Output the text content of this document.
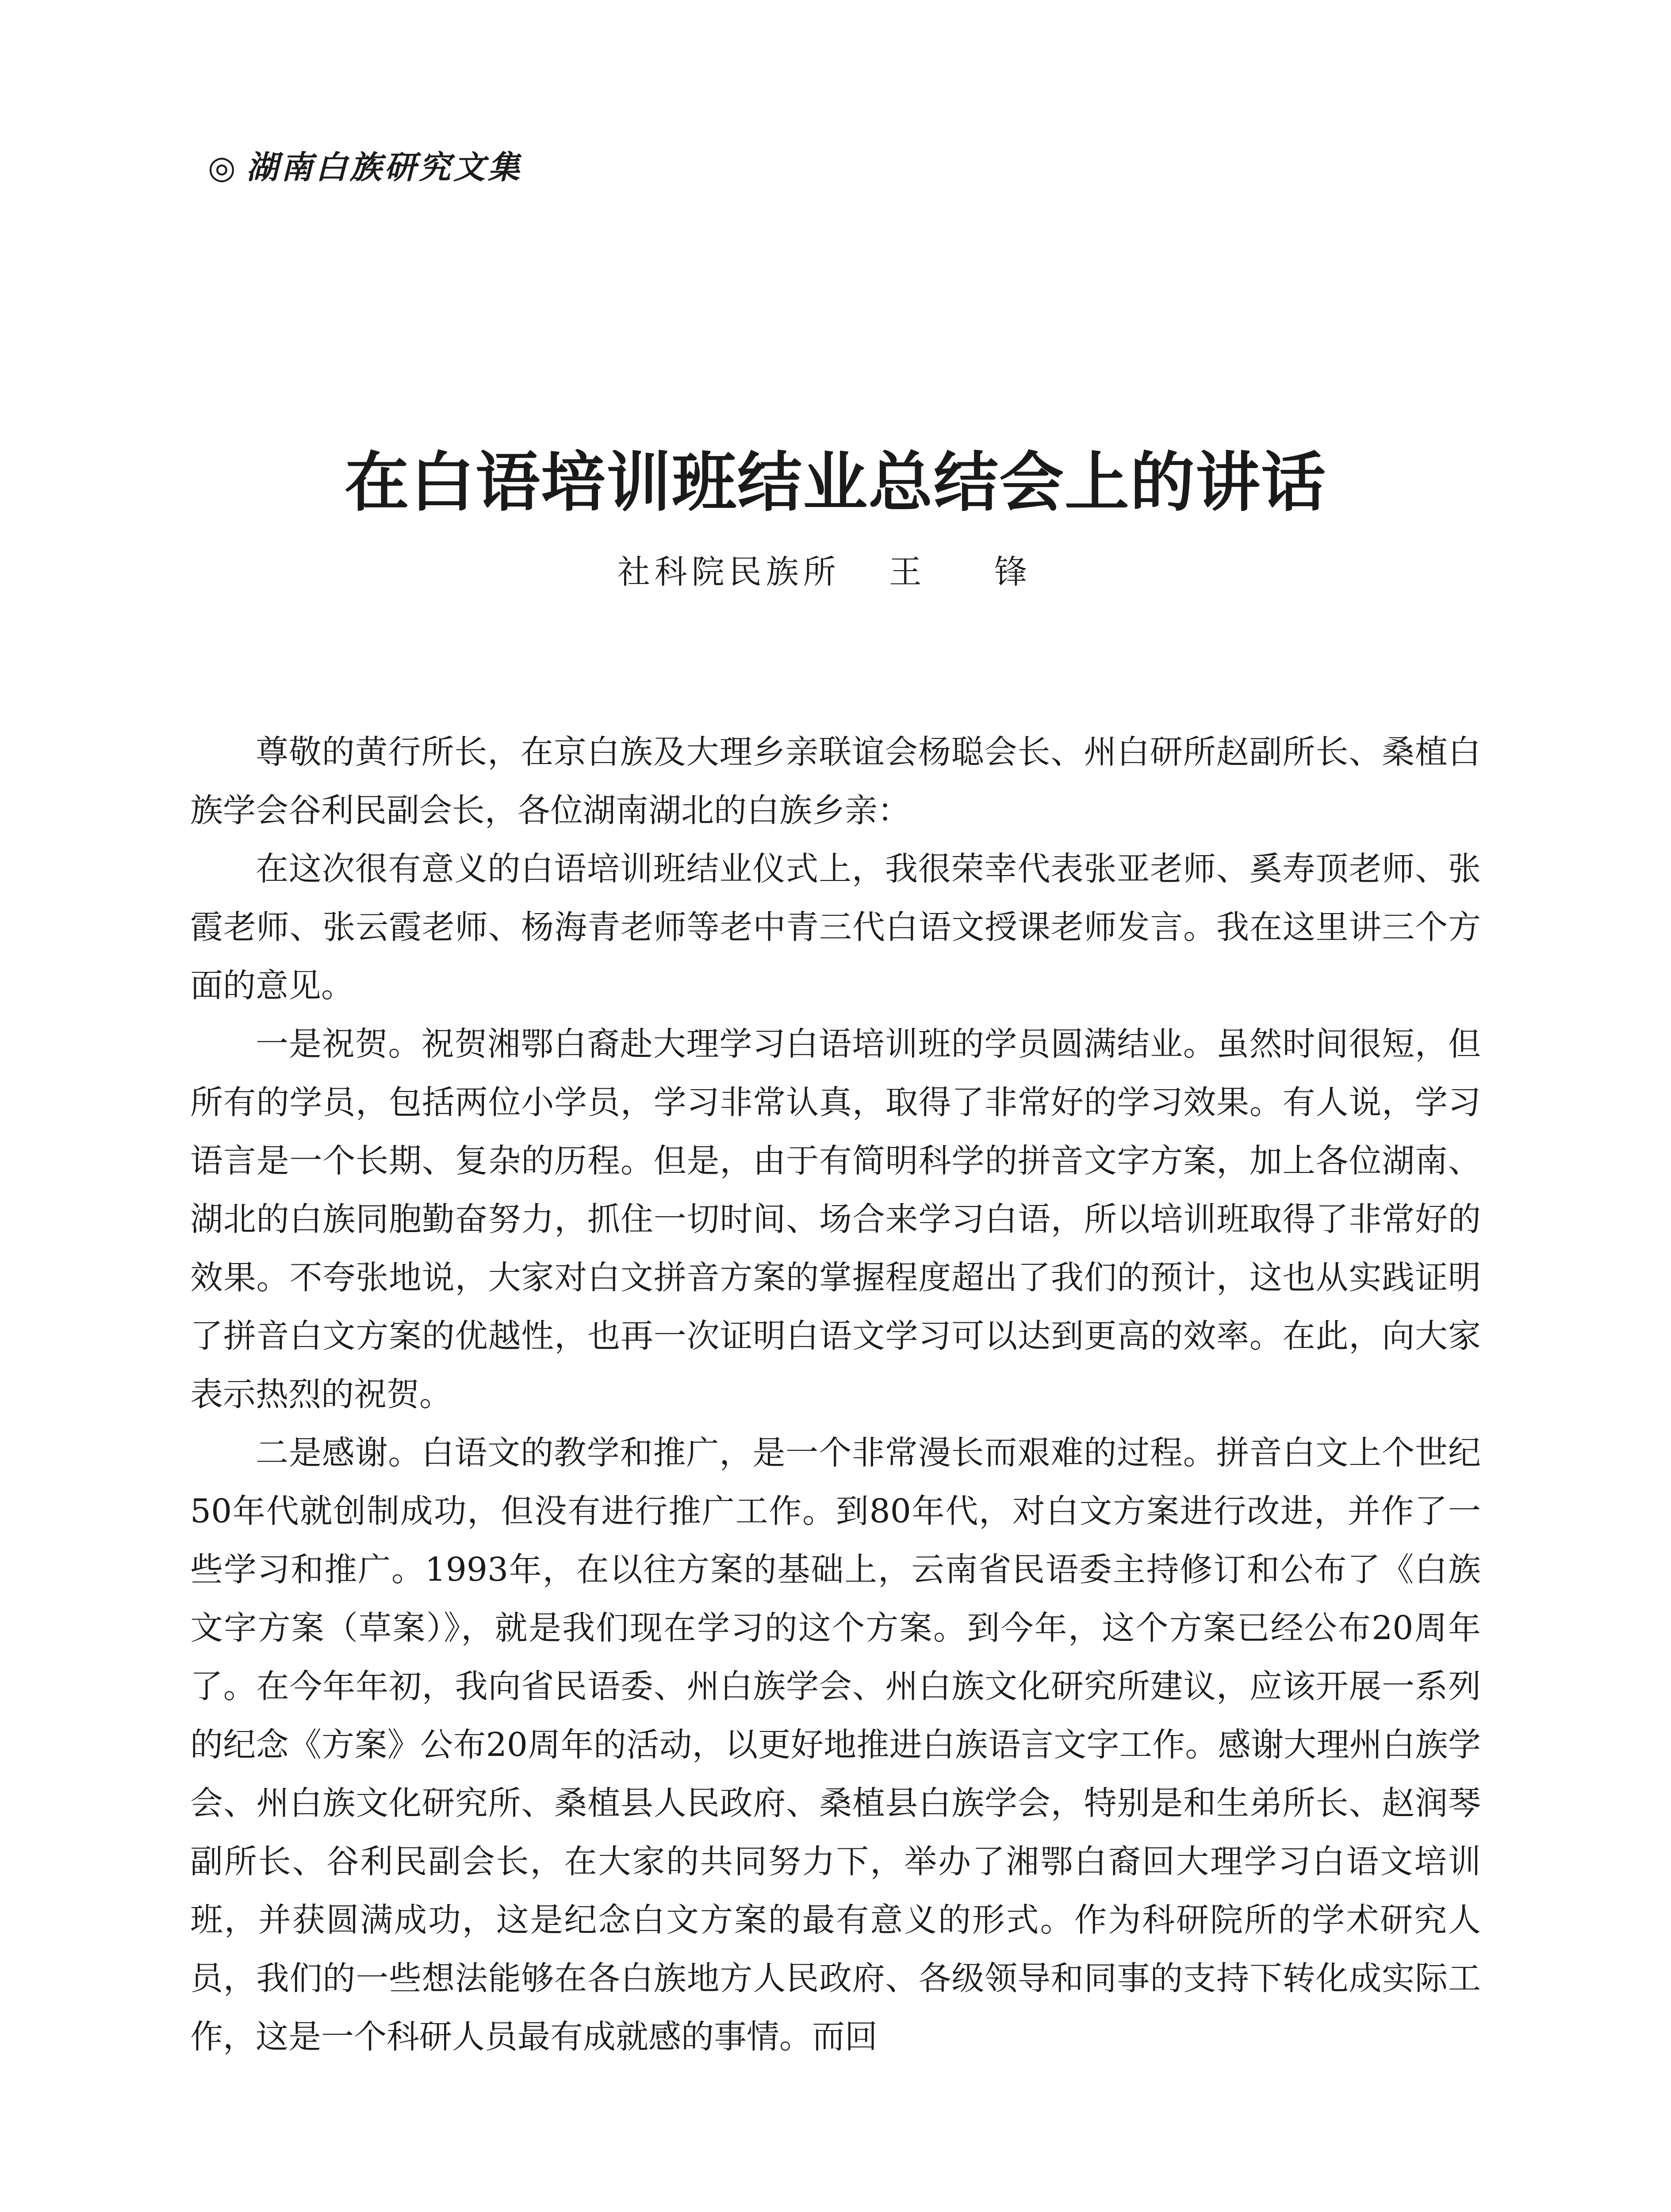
◎ 湖南白族研究文集
在白语培训班结业总结会上的讲话
社科院民族所 王 锋

尊敬的黄行所长，在京白族及大理乡亲联谊会杨聪会长、州白研所赵副所长、桑植白族学会谷利民副会长，各位湖南湖北的白族乡亲：

在这次很有意义的白语培训班结业仪式上，我很荣幸代表张亚老师、奚寿顶老师、张霞老师、张云霞老师、杨海青老师等老中青三代白语文授课老师发言。我在这里讲三个方面的意见。

一是祝贺。祝贺湘鄂白裔赴大理学习白语培训班的学员圆满结业。虽然时间很短，但所有的学员，包括两位小学员，学习非常认真，取得了非常好的学习效果。有人说，学习语言是一个长期、复杂的历程。但是，由于有简明科学的拼音文字方案，加上各位湖南、湖北的白族同胞勤奋努力，抓住一切时间、场合来学习白语，所以培训班取得了非常好的效果。不夸张地说，大家对白文拼音方案的掌握程度超出了我们的预计，这也从实践证明了拼音白文方案的优越性，也再一次证明白语文学习可以达到更高的效率。在此，向大家表示热烈的祝贺。

二是感谢。白语文的教学和推广，是一个非常漫长而艰难的过程。拼音白文上个世纪50年代就创制成功，但没有进行推广工作。到80年代，对白文方案进行改进，并作了一些学习和推广。1993年，在以往方案的基础上，云南省民语委主持修订和公布了《白族文字方案（草案）》，就是我们现在学习的这个方案。到今年，这个方案已经公布20周年了。在今年年初，我向省民语委、州白族学会、州白族文化研究所建议，应该开展一系列的纪念《方案》公布20周年的活动，以更好地推进白族语言文字工作。感谢大理州白族学会、州白族文化研究所、桑植县人民政府、桑植县白族学会，特别是和生弟所长、赵润琴副所长、谷利民副会长，在大家的共同努力下，举办了湘鄂白裔回大理学习白语文培训班，并获圆满成功，这是纪念白文方案的最有意义的形式。作为科研院所的学术研究人员，我们的一些想法能够在各白族地方人民政府、各级领导和同事的支持下转化成实际工作，这是一个科研人员最有成就感的事情。而回
